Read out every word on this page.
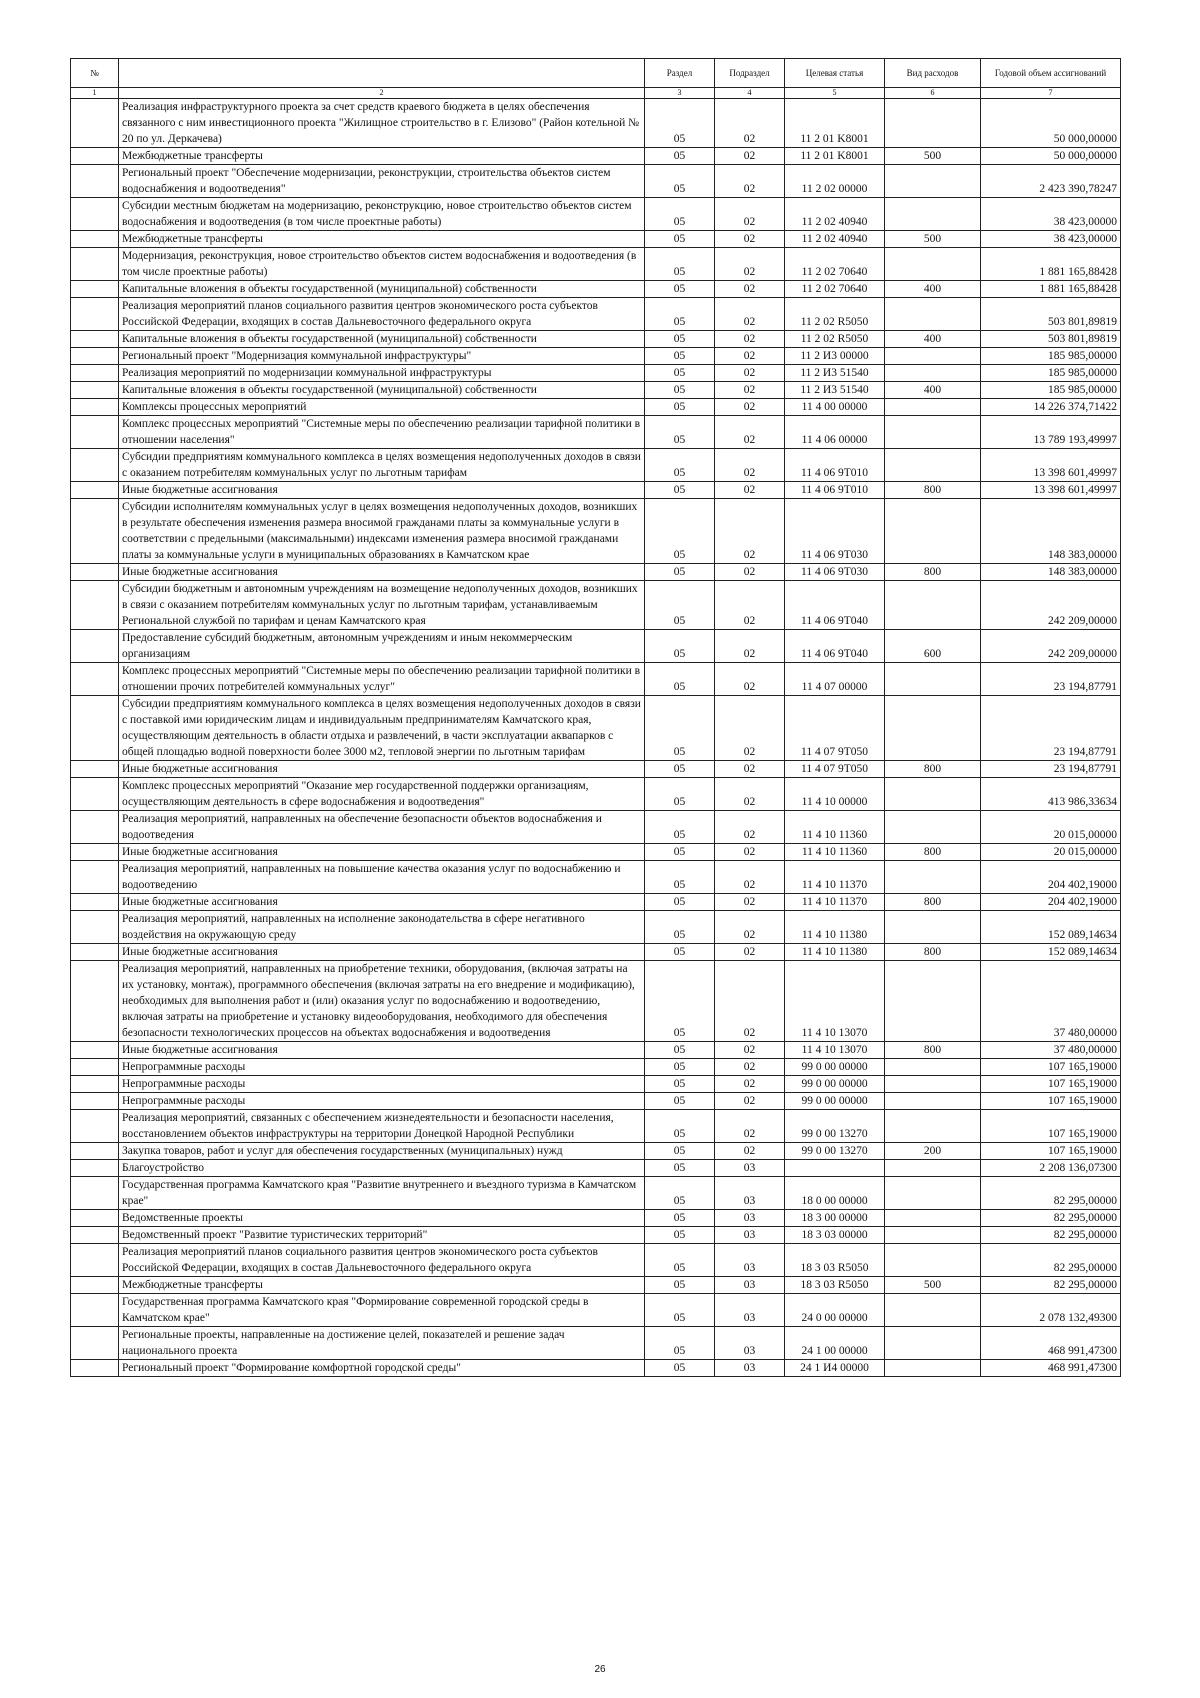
№		Раздел	Подраздел	Целевая статья	Вид расходов	Годовой объем ассигнований
1	2	3	4	5	6	7
	Реализация инфраструктурного проекта за счет средств краевого бюджета в целях обеспечения связанного с ним инвестиционного проекта "Жилищное строительство в г. Елизово" (Район котельной № 20 по ул. Деркачева)	05	02	11 2 01 K8001		50 000,00000
	Межбюджетные трансферты	05	02	11 2 01 K8001	500	50 000,00000
	Региональный проект "Обеспечение модернизации, реконструкции, строительства объектов систем водоснабжения и водоотведения"	05	02	11 2 02 00000		2 423 390,78247
	Субсидии местным бюджетам на модернизацию, реконструкцию, новое строительство объектов систем водоснабжения и водоотведения (в том числе проектные работы)	05	02	11 2 02 40940		38 423,00000
	Межбюджетные трансферты	05	02	11 2 02 40940	500	38 423,00000
	Модернизация, реконструкция, новое строительство объектов систем водоснабжения и водоотведения (в том числе проектные работы)	05	02	11 2 02 70640		1 881 165,88428
	Капитальные вложения в объекты государственной (муниципальной) собственности	05	02	11 2 02 70640	400	1 881 165,88428
	Реализация мероприятий планов социального развития центров экономического роста субъектов Российской Федерации, входящих в состав Дальневосточного федерального округа	05	02	11 2 02 R5050		503 801,89819
	Капитальные вложения в объекты государственной (муниципальной) собственности	05	02	11 2 02 R5050	400	503 801,89819
	Региональный проект "Модернизация коммунальной инфраструктуры"	05	02	11 2 И3 00000		185 985,00000
	Реализация мероприятий по модернизации коммунальной инфраструктуры	05	02	11 2 И3 51540		185 985,00000
	Капитальные вложения в объекты государственной (муниципальной) собственности	05	02	11 2 И3 51540	400	185 985,00000
	Комплексы процессных мероприятий	05	02	11 4 00 00000		14 226 374,71422
	Комплекс процессных мероприятий "Системные меры по обеспечению реализации тарифной политики в отношении населения"	05	02	11 4 06 00000		13 789 193,49997
	Субсидии предприятиям коммунального комплекса в целях возмещения недополученных доходов в связи с оказанием потребителям коммунальных услуг по льготным тарифам	05	02	11 4 06 9Т010		13 398 601,49997
	Иные бюджетные ассигнования	05	02	11 4 06 9Т010	800	13 398 601,49997
	Субсидии исполнителям коммунальных услуг в целях возмещения недополученных доходов, возникших в результате обеспечения изменения размера вносимой гражданами платы за коммунальные услуги в соответствии с предельными (максимальными) индексами изменения размера вносимой гражданами платы за коммунальные услуги в муниципальных образованиях в Камчатском крае	05	02	11 4 06 9Т030		148 383,00000
	Иные бюджетные ассигнования	05	02	11 4 06 9Т030	800	148 383,00000
	Субсидии бюджетным и автономным учреждениям на возмещение недополученных доходов, возникших в связи с оказанием потребителям коммунальных услуг по льготным тарифам, устанавливаемым Региональной службой по тарифам и ценам Камчатского края	05	02	11 4 06 9Т040		242 209,00000
	Предоставление субсидий бюджетным, автономным учреждениям и иным некоммерческим организациям	05	02	11 4 06 9Т040	600	242 209,00000
	Комплекс процессных мероприятий "Системные меры по обеспечению реализации тарифной политики в отношении прочих потребителей коммунальных услуг"	05	02	11 4 07 00000		23 194,87791
	Субсидии предприятиям коммунального комплекса в целях возмещения недополученных доходов в связи с поставкой ими юридическим лицам и индивидуальным предпринимателям Камчатского края, осуществляющим деятельность в области отдыха и развлечений, в части эксплуатации аквапарков с общей площадью водной поверхности более 3000 м2, тепловой энергии по льготным тарифам	05	02	11 4 07 9Т050		23 194,87791
	Иные бюджетные ассигнования	05	02	11 4 07 9Т050	800	23 194,87791
	Комплекс процессных мероприятий "Оказание мер государственной поддержки организациям, осуществляющим деятельность в сфере водоснабжения и водоотведения"	05	02	11 4 10 00000		413 986,33634
	Реализация мероприятий, направленных на обеспечение безопасности объектов водоснабжения и водоотведения	05	02	11 4 10 11360		20 015,00000
	Иные бюджетные ассигнования	05	02	11 4 10 11360	800	20 015,00000
	Реализация мероприятий, направленных на повышение качества оказания услуг по водоснабжению и водоотведению	05	02	11 4 10 11370		204 402,19000
	Иные бюджетные ассигнования	05	02	11 4 10 11370	800	204 402,19000
	Реализация мероприятий, направленных на исполнение законодательства в сфере негативного воздействия на окружающую среду	05	02	11 4 10 11380		152 089,14634
	Иные бюджетные ассигнования	05	02	11 4 10 11380	800	152 089,14634
	Реализация мероприятий, направленных на приобретение техники, оборудования, (включая затраты на их установку, монтаж), программного обеспечения (включая затраты на его внедрение и модификацию), необходимых для выполнения работ и (или) оказания услуг по водоснабжению и водоотведению, включая затраты на приобретение и установку видеооборудования, необходимого для обеспечения безопасности технологических процессов на объектах водоснабжения и водоотведения	05	02	11 4 10 13070		37 480,00000
	Иные бюджетные ассигнования	05	02	11 4 10 13070	800	37 480,00000
	Непрограммные расходы	05	02	99 0 00 00000		107 165,19000
	Непрограммные расходы	05	02	99 0 00 00000		107 165,19000
	Непрограммные расходы	05	02	99 0 00 00000		107 165,19000
	Реализация мероприятий, связанных с обеспечением жизнедеятельности и безопасности населения, восстановлением объектов инфраструктуры на территории Донецкой Народной Республики	05	02	99 0 00 13270		107 165,19000
	Закупка товаров, работ и услуг для обеспечения государственных (муниципальных) нужд	05	02	99 0 00 13270	200	107 165,19000
	Благоустройство	05	03			2 208 136,07300
	Государственная программа Камчатского края "Развитие внутреннего и въездного туризма в Камчатском крае"	05	03	18 0 00 00000		82 295,00000
	Ведомственные проекты	05	03	18 3 00 00000		82 295,00000
	Ведомственный проект "Развитие туристических территорий"	05	03	18 3 03 00000		82 295,00000
	Реализация мероприятий планов социального развития центров экономического роста субъектов Российской Федерации, входящих в состав Дальневосточного федерального округа	05	03	18 3 03 R5050		82 295,00000
	Межбюджетные трансферты	05	03	18 3 03 R5050	500	82 295,00000
	Государственная программа Камчатского края "Формирование современной городской среды в Камчатском крае"	05	03	24 0 00 00000		2 078 132,49300
	Региональные проекты, направленные на достижение целей, показателей и решение задач национального проекта	05	03	24 1 00 00000		468 991,47300
	Региональный проект "Формирование комфортной городской среды"	05	03	24 1 И4 00000		468 991,47300
26
